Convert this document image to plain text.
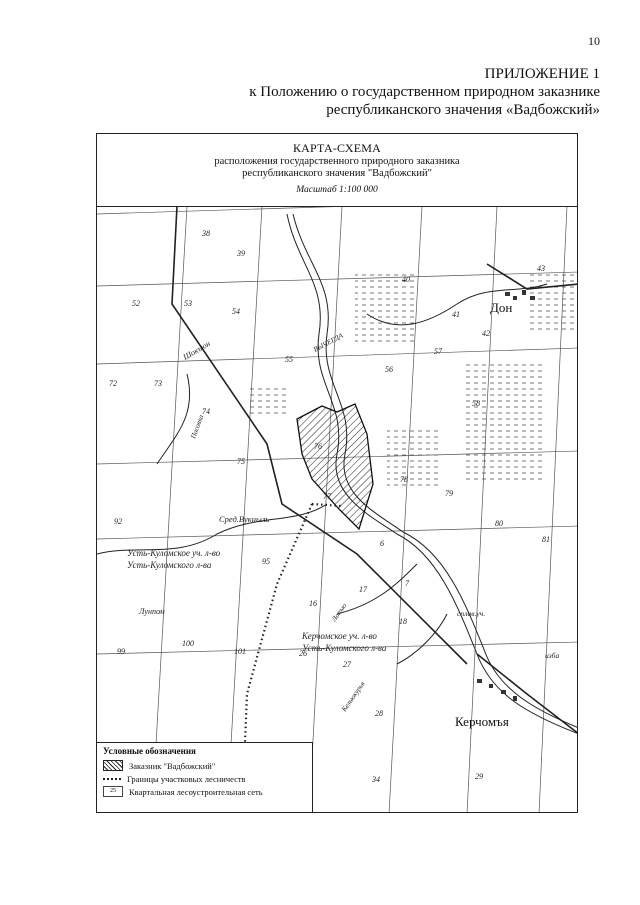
10
ПРИЛОЖЕНИЕ 1
к Положению о государственном природном заказнике
республиканского значения «Вадбожский»
38
39
40
41
42
43
52	53
54
55
56
57
58
72	73
74
75
76
77
78
79
80
81
92
95
6
7
16
17
18
99
100
101	26
27
28
34	29
ВЫЧЕГДА
Шокъюн
Пасовка
Сред.Вукныль
Усть-Куломское уч. л-во
Усть-Куломского л-ва
Лунпом	Лопъю
Керчомское уч. л-во
Усть-Куломского л-ва
Кельюкурья
сплав.уч.
изба
Дон
Керчомъя
КАРТА-СХЕМА
расположения государственного природного заказника
республиканского значения "Вадбожский"
Масштаб 1:100 000
Условные обозначения
Заказник "Вадбожский"
Границы участковых лесничеств
25	Квартальная лесоустроительная сеть
